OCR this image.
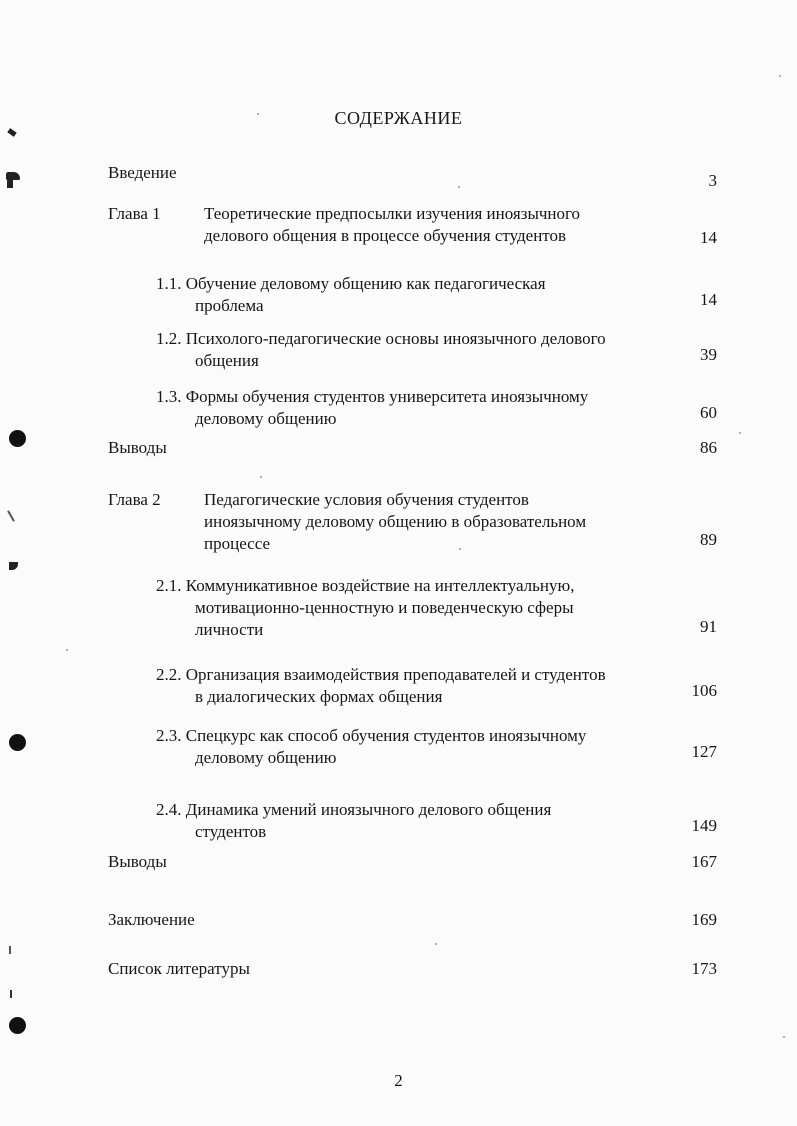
СОДЕРЖАНИЕ
Введение	3
Глава 1	Теоретические предпосылки изучения иноязычного
делового общения в процессе обучения студентов	14
1.1. Обучение деловому общению как педагогическая
проблема	14
1.2. Психолого-педагогические основы иноязычного делового
общения	39
1.3. Формы обучения студентов университета иноязычному
деловому общению	60
Выводы	86
Глава 2	Педагогические условия обучения студентов
иноязычному деловому общению в образовательном
процессе	89
2.1. Коммуникативное воздействие на интеллектуальную,
мотивационно-ценностную и поведенческую сферы
личности	91
2.2. Организация взаимодействия преподавателей и студентов
в диалогических формах общения	106
2.3. Спецкурс как способ обучения студентов иноязычному
деловому общению	127
2.4. Динамика умений иноязычного делового общения
студентов	149
Выводы	167
Заключение	169
Список литературы	173
2
